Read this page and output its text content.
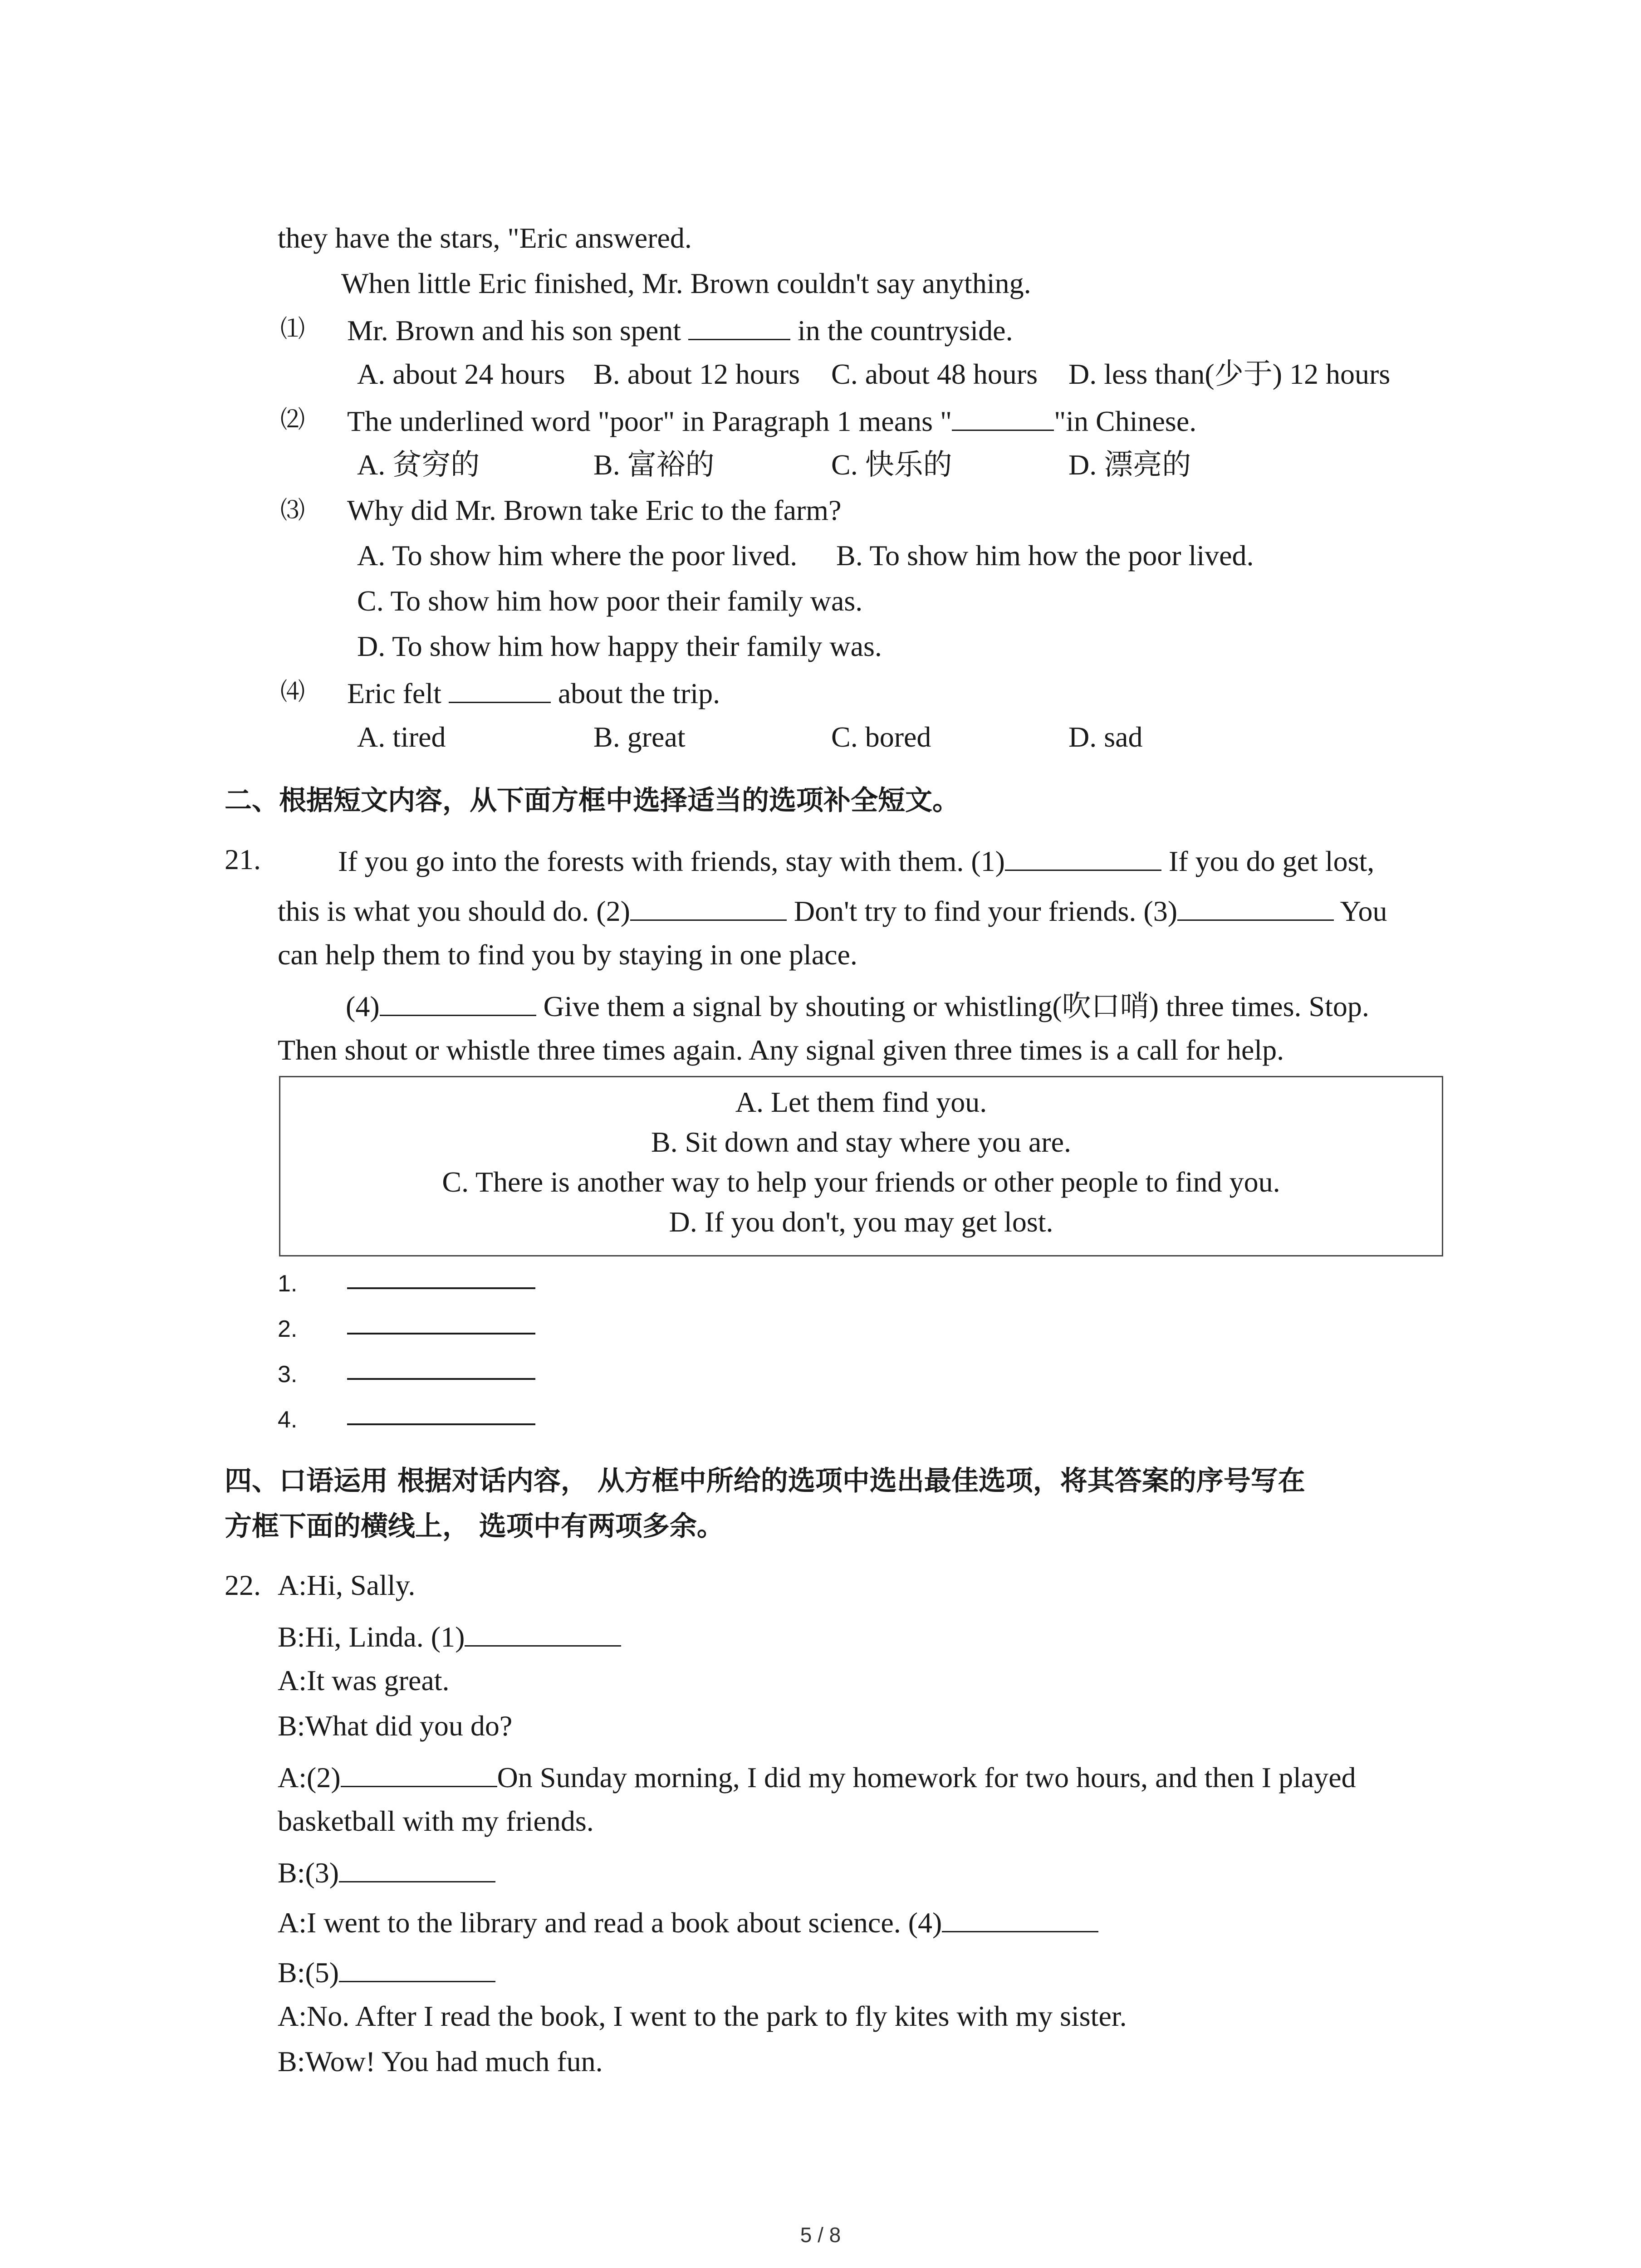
they have the stars, "Eric answered.
When little Eric finished, Mr. Brown couldn't say anything.
⑴ Mr. Brown and his son spent	in the countryside.
A. about 24 hours B. about 12 hours C. about 48 hours D. less than(少于) 12 hours
⑵ The underlined word "poor" in Paragraph 1 means "	"in Chinese.
A. 贫穷的	B. 富裕的	C. 快乐的	D. 漂亮的
⑶ Why did Mr. Brown take Eric to the farm?
A. To show him where the poor lived. B. To show him how the poor lived.
C. To show him how poor their family was.
D. To show him how happy their family was.
⑷ Eric felt	about the trip.
A. tired	B. great	C. bored	D. sad
二、根据短文内容，从下面方框中选择适当的选项补全短文。
21.	If you go into the forests with friends, stay with them. (1)	If you do get lost,
this is what you should do. (2)	Don't try to find your friends. (3)	You
can help them to find you by staying in one place.
(4)	Give them a signal by shouting or whistling(吹口哨) three times. Stop.
Then shout or whistle three times again. Any signal given three times is a call for help.
A. Let them find you.
B. Sit down and stay where you are.
C. There is another way to help your friends or other people to find you.
D. If you don't, you may get lost.
1.
2.
3.
4.
四、口语运用 根据对话内容， 从方框中所给的选项中选出最佳选项，将其答案的序号写在
方框下面的横线上， 选项中有两项多余。
22. A:Hi, Sally.
B:Hi, Linda. (1)
A:It was great.
B:What did you do?
A:(2)	On Sunday morning, I did my homework for two hours, and then I played
basketball with my friends.
B:(3)
A:I went to the library and read a book about science. (4)
B:(5)
A:No. After I read the book, I went to the park to fly kites with my sister.
B:Wow! You had much fun.
5 / 8
